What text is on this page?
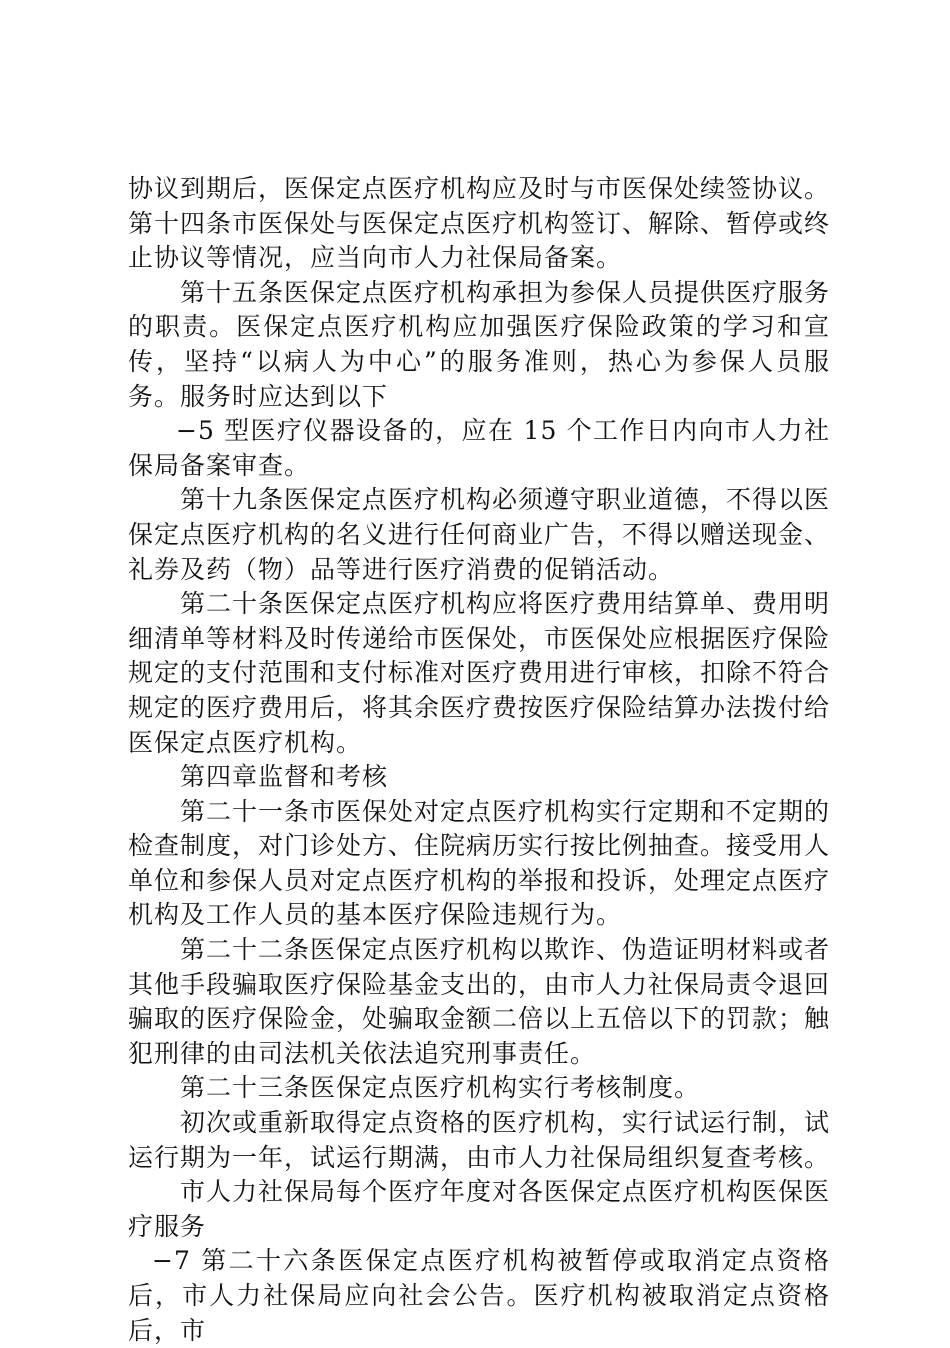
协议到期后，医保定点医疗机构应及时与市医保处续签协议。

第十四条市医保处与医保定点医疗机构签订、解除、暂停或终止协议等情况，应当向市人力社保局备案。

第十五条医保定点医疗机构承担为参保人员提供医疗服务的职责。医保定点医疗机构应加强医疗保险政策的学习和宣传，坚持“以病人为中心”的服务准则，热心为参保人员服务。服务时应达到以下

−5 型医疗仪器设备的，应在 15 个工作日内向市人力社保局备案审查。

第十九条医保定点医疗机构必须遵守职业道德，不得以医保定点医疗机构的名义进行任何商业广告，不得以赠送现金、礼券及药（物）品等进行医疗消费的促销活动。

第二十条医保定点医疗机构应将医疗费用结算单、费用明细清单等材料及时传递给市医保处，市医保处应根据医疗保险规定的支付范围和支付标准对医疗费用进行审核，扣除不符合规定的医疗费用后，将其余医疗费按医疗保险结算办法拨付给医保定点医疗机构。

第四章监督和考核

第二十一条市医保处对定点医疗机构实行定期和不定期的检查制度，对门诊处方、住院病历实行按比例抽查。接受用人单位和参保人员对定点医疗机构的举报和投诉，处理定点医疗机构及工作人员的基本医疗保险违规行为。

第二十二条医保定点医疗机构以欺诈、伪造证明材料或者其他手段骗取医疗保险基金支出的，由市人力社保局责令退回骗取的医疗保险金，处骗取金额二倍以上五倍以下的罚款；触犯刑律的由司法机关依法追究刑事责任。

第二十三条医保定点医疗机构实行考核制度。

初次或重新取得定点资格的医疗机构，实行试运行制，试运行期为一年，试运行期满，由市人力社保局组织复查考核。

市人力社保局每个医疗年度对各医保定点医疗机构医保医疗服务

−7 第二十六条医保定点医疗机构被暂停或取消定点资格后，市人力社保局应向社会公告。医疗机构被取消定点资格后，市
